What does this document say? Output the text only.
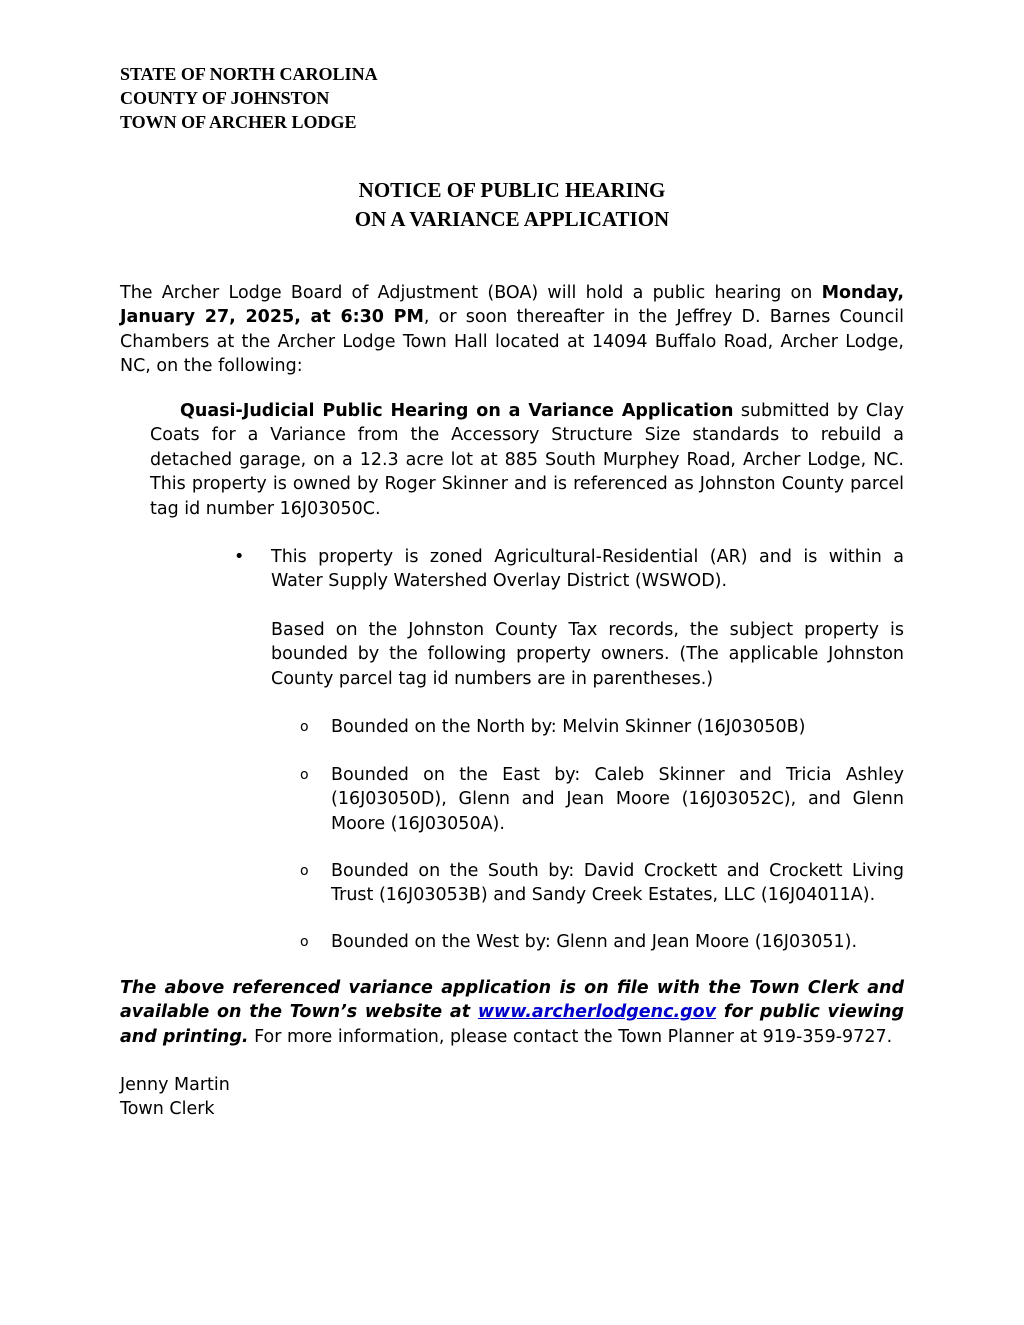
STATE OF NORTH CAROLINA
COUNTY OF JOHNSTON
TOWN OF ARCHER LODGE
NOTICE OF PUBLIC HEARING
ON A VARIANCE APPLICATION
The Archer Lodge Board of Adjustment (BOA) will hold a public hearing on Monday, January 27, 2025, at 6:30 PM, or soon thereafter in the Jeffrey D. Barnes Council Chambers at the Archer Lodge Town Hall located at 14094 Buffalo Road, Archer Lodge, NC, on the following:
Quasi-Judicial Public Hearing on a Variance Application submitted by Clay Coats for a Variance from the Accessory Structure Size standards to rebuild a detached garage, on a 12.3 acre lot at 885 South Murphey Road, Archer Lodge, NC. This property is owned by Roger Skinner and is referenced as Johnston County parcel tag id number 16J03050C.
• This property is zoned Agricultural-Residential (AR) and is within a Water Supply Watershed Overlay District (WSWOD).
Based on the Johnston County Tax records, the subject property is bounded by the following property owners. (The applicable Johnston County parcel tag id numbers are in parentheses.)
o Bounded on the North by: Melvin Skinner (16J03050B)
o Bounded on the East by: Caleb Skinner and Tricia Ashley (16J03050D), Glenn and Jean Moore (16J03052C), and Glenn Moore (16J03050A).
o Bounded on the South by: David Crockett and Crockett Living Trust (16J03053B) and Sandy Creek Estates, LLC (16J04011A).
o Bounded on the West by: Glenn and Jean Moore (16J03051).
The above referenced variance application is on file with the Town Clerk and available on the Town’s website at www.archerlodgenc.gov for public viewing and printing. For more information, please contact the Town Planner at 919-359-9727.
Jenny Martin
Town Clerk
